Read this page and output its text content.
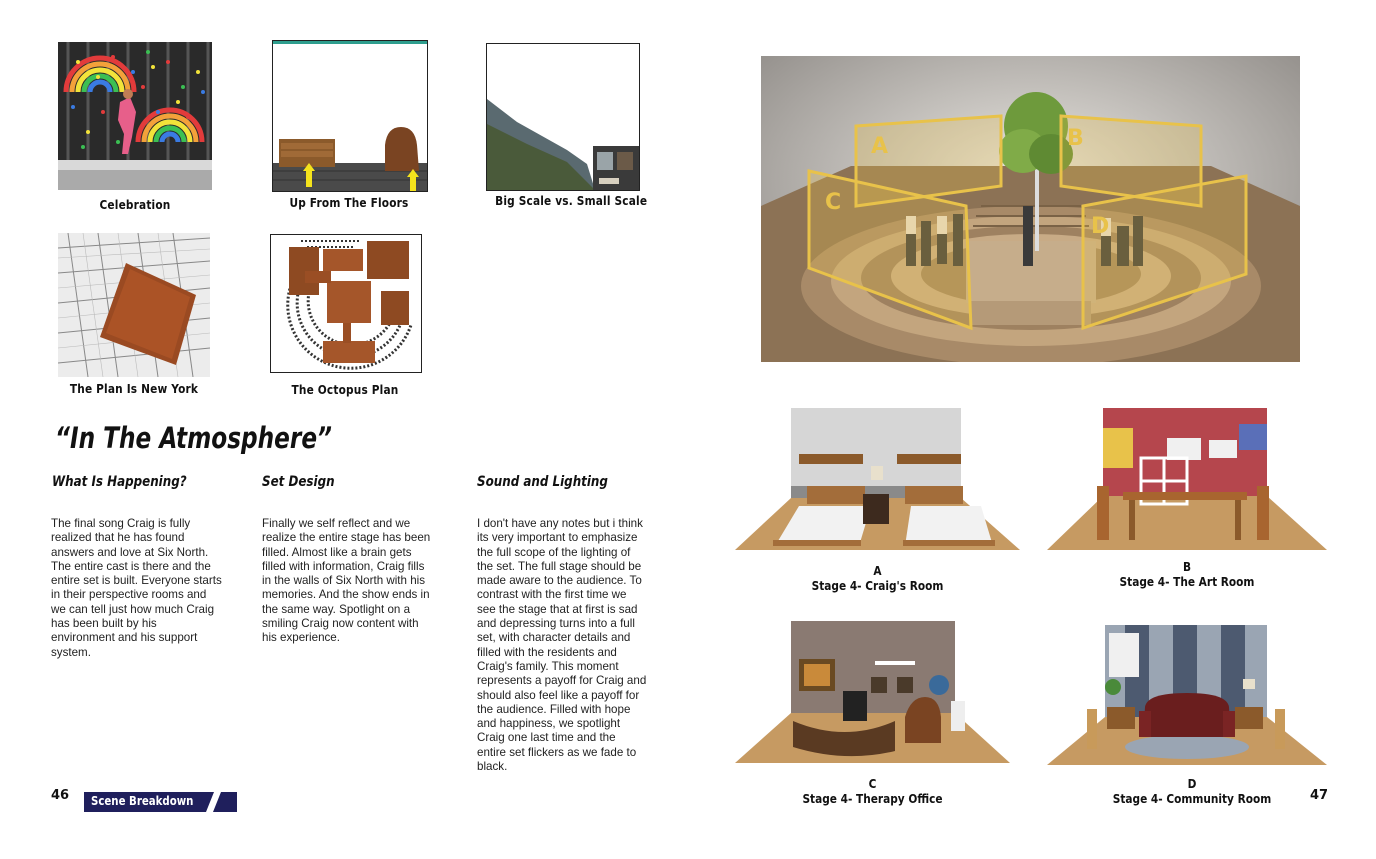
Celebration	Up From The Floors	Big Scale vs. Small Scale
The Plan Is New York	The Octopus Plan
“In The Atmosphere”
What Is Happening?	Set Design	Sound and Lighting
The final song Craig is fully realized that he has found answers and love at Six North. The entire cast is there and the entire set is built. Everyone starts in their perspective rooms and we can tell just how much Craig has been built by his environment and his support system.
Finally we self reflect and we realize the entire stage has been filled. Almost like a brain gets filled with information, Craig fills in the walls of Six North with his memories. And the show ends in the same way. Spotlight on a smiling Craig now content with his experience.
I don't have any notes but i think its very important to emphasize the full scope of the lighting of the set. The full stage should be made aware to the audience. To contrast with the first time we see the stage that at first is sad and depressing turns into a full set, with character details and filled with the residents and Craig's family. This moment represents a payoff for Craig and should also feel like a payoff for the audience. Filled with hope and happiness, we spotlight Craig one last time and the entire set flickers as we fade to black.
46 Scene Breakdown
A	B
C
D
A
Stage 4- Craig's Room
B
Stage 4- The Art Room
C
Stage 4- Therapy Office
D
Stage 4- Community Room	47
